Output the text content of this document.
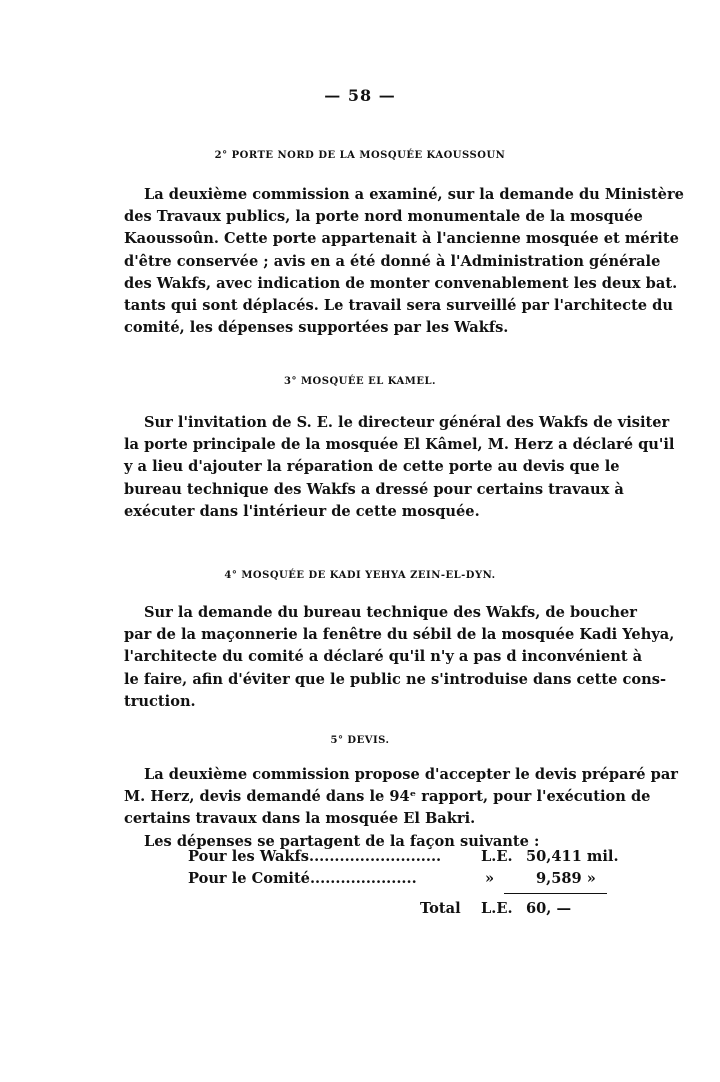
— 58 —
2° PORTE NORD DE LA MOSQUÉE KAOUSSOUN
La deuxième commission a examiné, sur la demande du Ministère
des Travaux publics, la porte nord monumentale de la mosquée
Kaoussoûn. Cette porte appartenait à l'ancienne mosquée et mérite
d'être conservée ; avis en a été donné à l'Administration générale
des Wakfs, avec indication de monter convenablement les deux bat.
tants qui sont déplacés. Le travail sera surveillé par l'architecte du
comité, les dépenses supportées par les Wakfs.
3° MOSQUÉE EL KAMEL.
Sur l'invitation de S. E. le directeur général des Wakfs de visiter
la porte principale de la mosquée El Kâmel, M. Herz a déclaré qu'il
y a lieu d'ajouter la réparation de cette porte au devis que le
bureau technique des Wakfs a dressé pour certains travaux à
exécuter dans l'intérieur de cette mosquée.
4° MOSQUÉE DE KADI YEHYA ZEIN-EL-DYN.
Sur la demande du bureau technique des Wakfs, de boucher
par de la maçonnerie la fenêtre du sébil de la mosquée Kadi Yehya,
l'architecte du comité a déclaré qu'il n'y a pas d inconvénient à
le faire, afin d'éviter que le public ne s'introduise dans cette cons-
truction.
5° DEVIS.
La deuxième commission propose d'accepter le devis préparé par
M. Herz, devis demandé dans le 94ᵉ rapport, pour l'exécution de
certains travaux dans la mosquée El Bakri.
Les dépenses se partagent de la façon suivante :
Pour les Wakfs..........................	L.E. 50,411 mil.
Pour le Comité.....................	»	9,589 »
Total L.E. 60, —
